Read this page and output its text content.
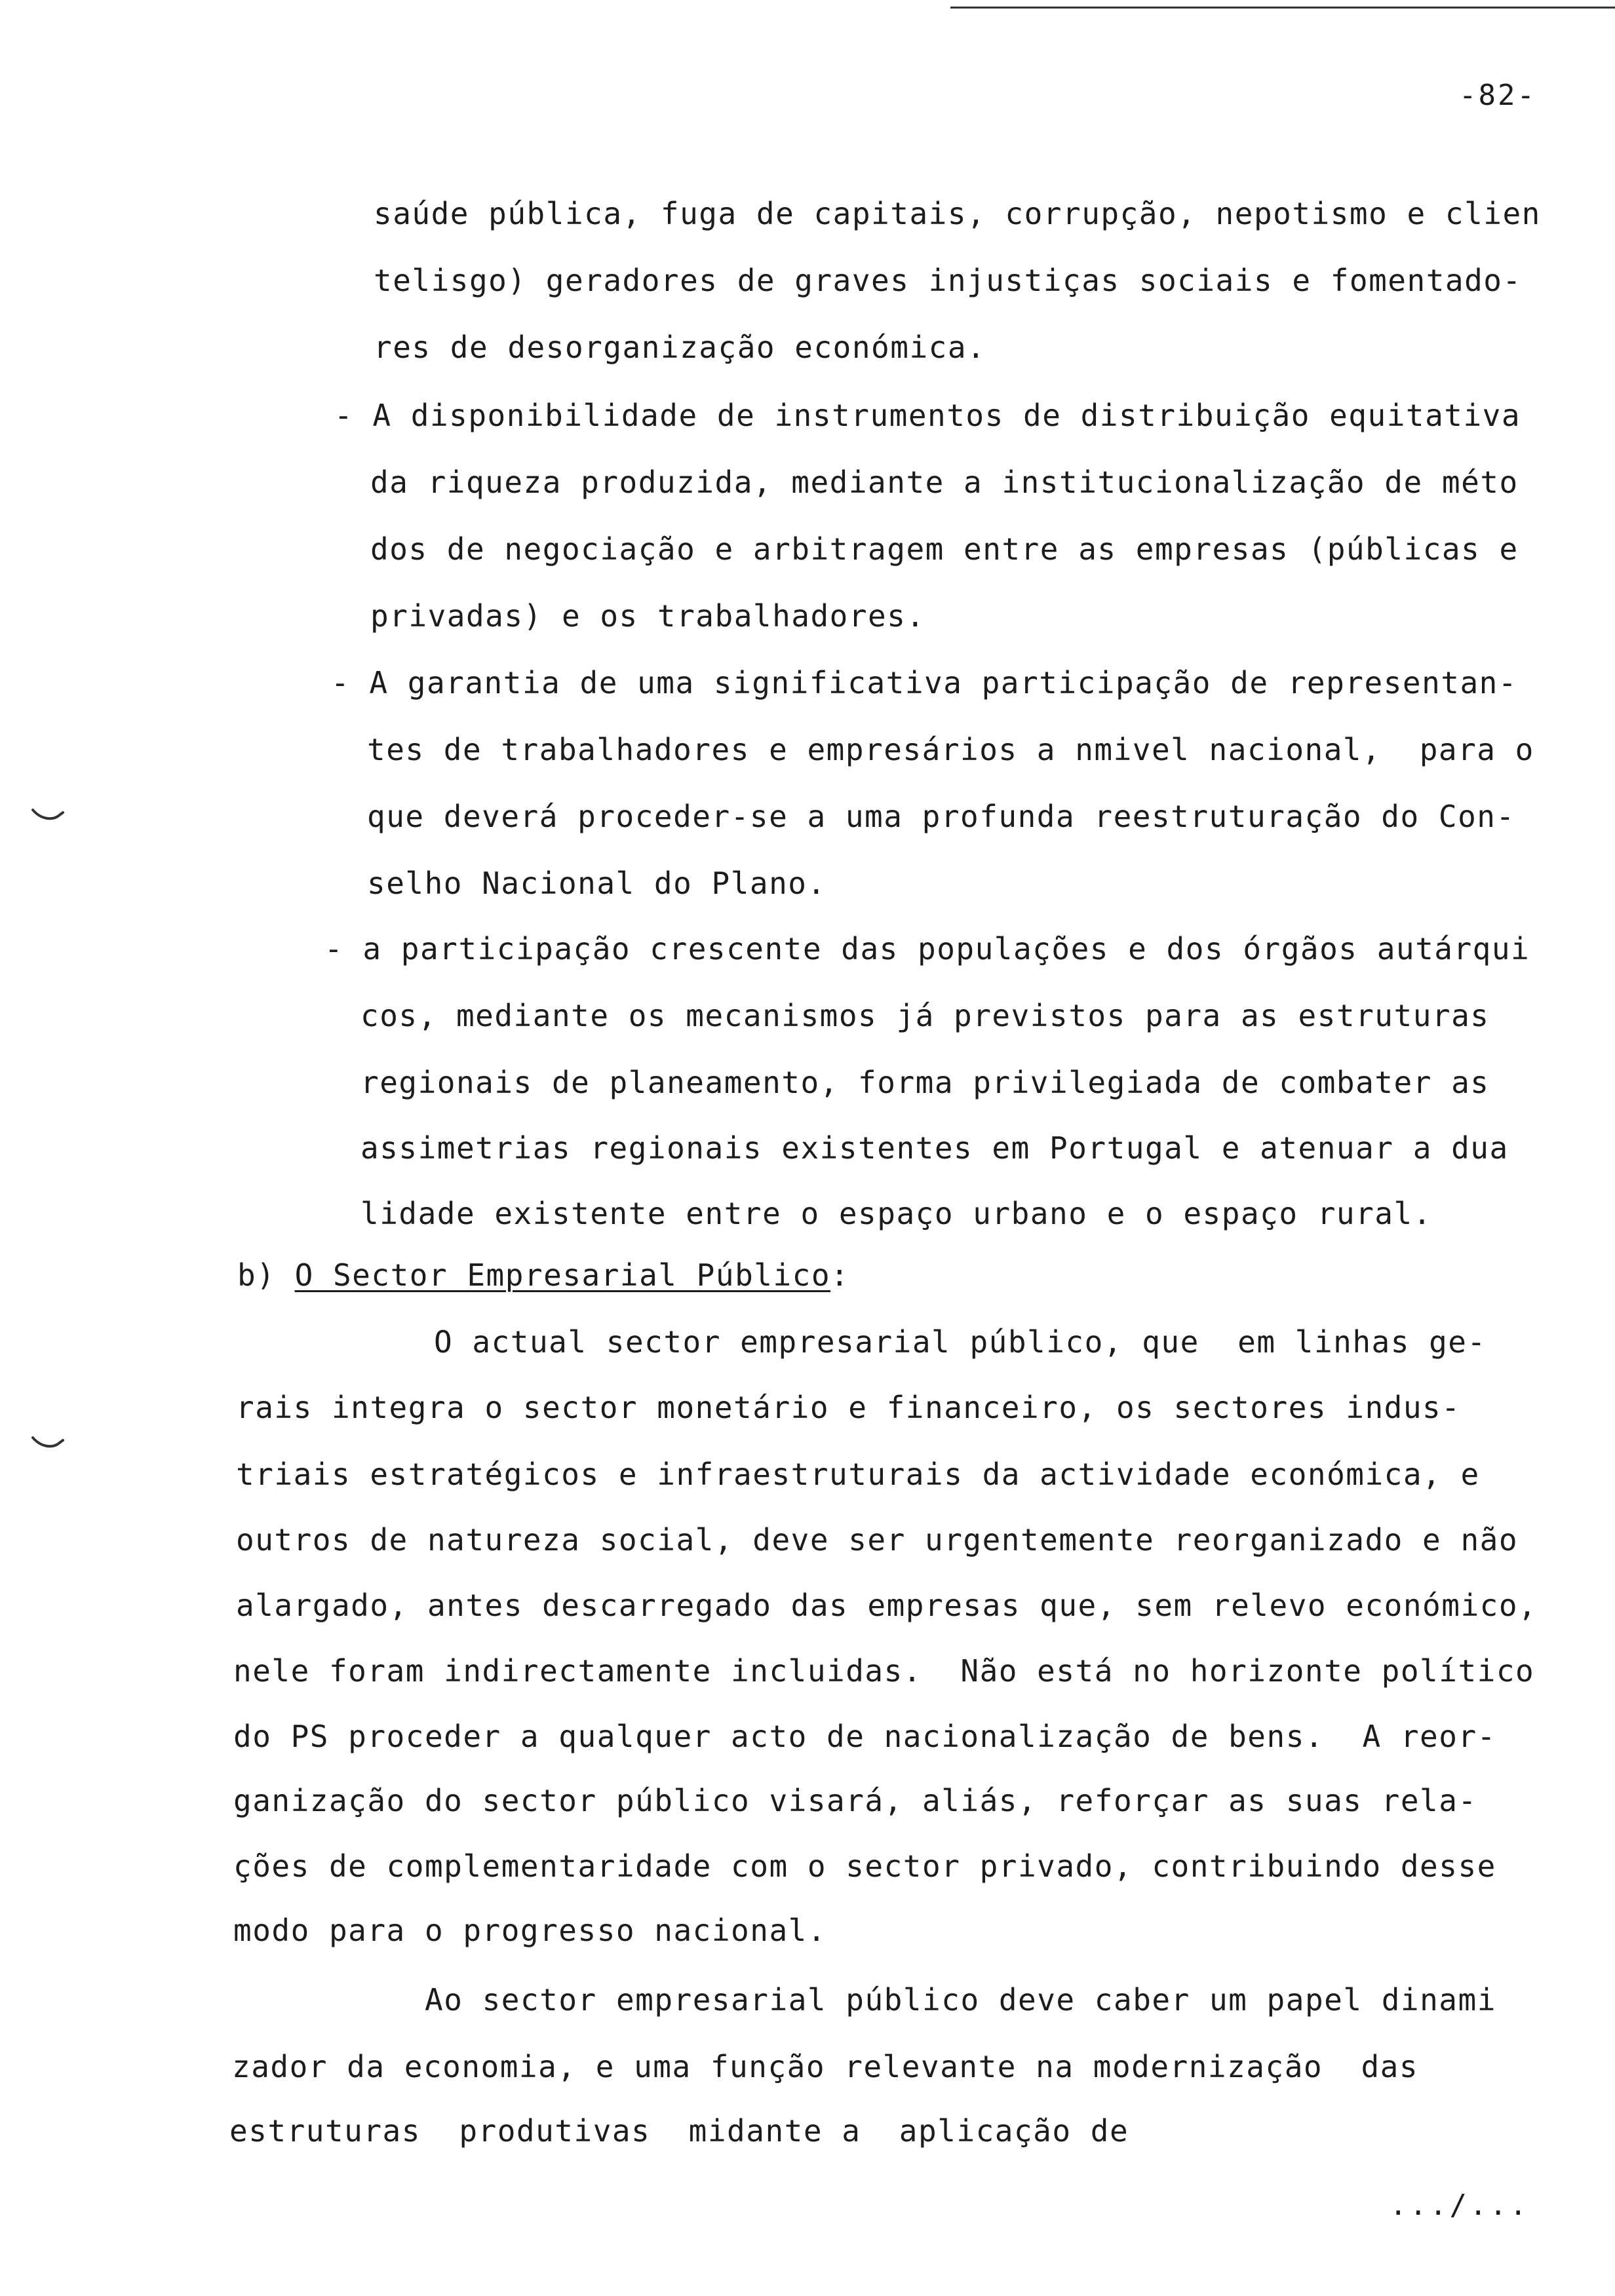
-82-
saúde pública, fuga de capitais, corrupção, nepotismo e clien
telisgo) geradores de graves injustiças sociais e fomentado-
res de desorganização económica.
- A disponibilidade de instrumentos de distribuição equitativa
da riqueza produzida, mediante a institucionalização de méto
dos de negociação e arbitragem entre as empresas (públicas e
privadas) e os trabalhadores.
- A garantia de uma significativa participação de representan-
tes de trabalhadores e empresários a nmivel nacional,  para o
que deverá proceder-se a uma profunda reestruturação do Con-
selho Nacional do Plano.
- a participação crescente das populações e dos órgãos autárqui
cos, mediante os mecanismos já previstos para as estruturas
regionais de planeamento, forma privilegiada de combater as
assimetrias regionais existentes em Portugal e atenuar a dua
lidade existente entre o espaço urbano e o espaço rural.
b) O Sector Empresarial Público:
O actual sector empresarial público, que  em linhas ge-
rais integra o sector monetário e financeiro, os sectores indus-
triais estratégicos e infraestruturais da actividade económica, e
outros de natureza social, deve ser urgentemente reorganizado e não
alargado, antes descarregado das empresas que, sem relevo económico,
nele foram indirectamente incluidas.  Não está no horizonte político
do PS proceder a qualquer acto de nacionalização de bens.  A reor-
ganização do sector público visará, aliás, reforçar as suas rela-
ções de complementaridade com o sector privado, contribuindo desse
modo para o progresso nacional.
Ao sector empresarial público deve caber um papel dinami
zador da economia, e uma função relevante na modernização  das
estruturas  produtivas  midante a  aplicação de
.../...
